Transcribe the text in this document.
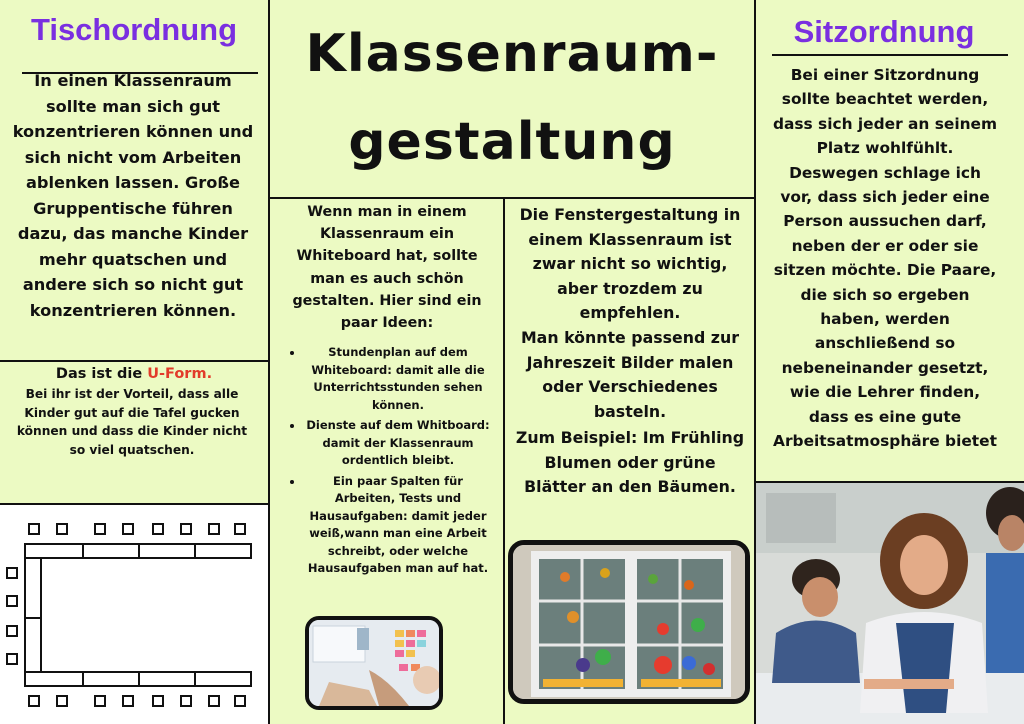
Tischordnung
In einen Klassenraum sollte man sich gut konzentrieren können und sich nicht vom Arbeiten ablenken lassen. Große Gruppentische führen dazu, das manche Kinder mehr quatschen und andere sich so nicht gut konzentrieren können.
Das ist die U-Form.
Bei ihr ist der Vorteil, dass alle Kinder gut auf die Tafel gucken können und dass die Kinder nicht so viel quatschen.
Klassenraum-
gestaltung
Wenn man in einem Klassenraum ein Whiteboard hat, sollte man es auch schön gestalten. Hier sind ein paar Ideen:
• Stundenplan auf dem Whiteboard: damit alle die Unterrichtsstunden sehen können.
• Dienste auf dem Whitboard: damit der Klassenraum ordentlich bleibt.
• Ein paar Spalten für Arbeiten, Tests und Hausaufgaben: damit jeder weiß,wann man eine Arbeit schreibt, oder welche Hausaufgaben man auf hat.
Die Fenstergestaltung in einem Klassenraum ist zwar nicht so wichtig, aber trozdem zu empfehlen.
Man könnte passend zur Jahreszeit Bilder malen oder Verschiedenes basteln.
Zum Beispiel: Im Frühling Blumen oder grüne Blätter an den Bäumen.
Sitzordnung
Bei einer Sitzordnung sollte beachtet werden, dass sich jeder an seinem Platz wohlfühlt. Deswegen schlage ich vor, dass sich jeder eine Person aussuchen darf, neben der er oder sie sitzen möchte. Die Paare, die sich so ergeben haben, werden anschließend so nebeneinander gesetzt, wie die Lehrer finden, dass es eine gute Arbeitsatmosphäre bietet
